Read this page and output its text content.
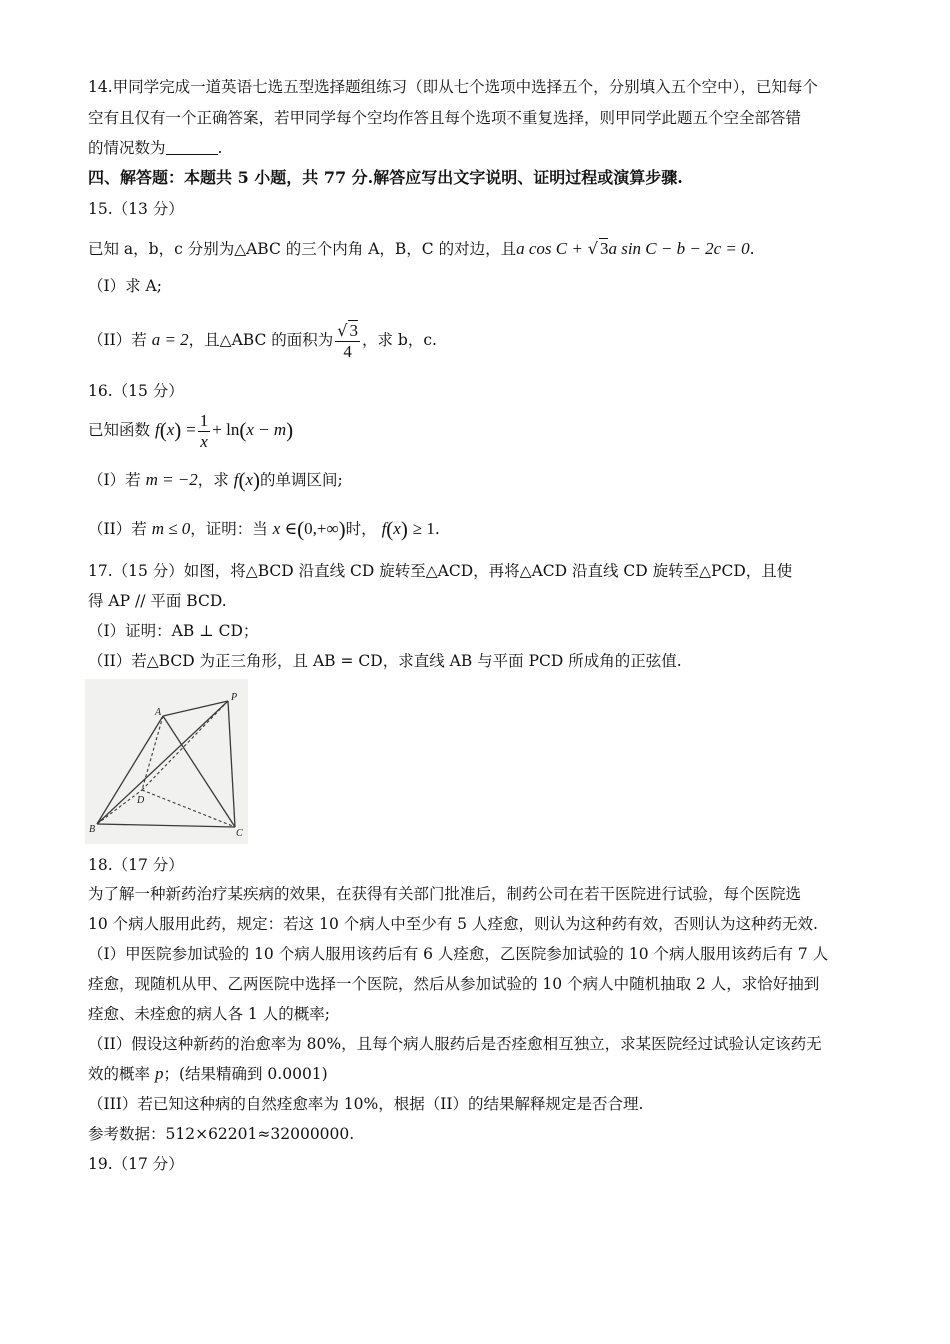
14.甲同学完成一道英语七选五型选择题组练习（即从七个选项中选择五个，分别填入五个空中），已知每个
空有且仅有一个正确答案，若甲同学每个空均作答且每个选项不重复选择，则甲同学此题五个空全部答错
的情况数为	.
四、解答题：本题共 5 小题，共 77 分.解答应写出文字说明、证明过程或演算步骤.
15.（13 分）
已知 a，b，c 分别为△ABC 的三个内角 A，B，C 的对边，且a cos C + √ 3a sin C − b − 2c = 0.
（I）求 A;
（II）若 a = 2，且△ABC 的面积为 $\frac{√ 3}{4}$ ，求 b，c.
16.（15 分）
已知函数 $f(x) = \frac{1}{x} + \ln(x - m)$
（I）若 m = −2，求 f(x)的单调区间;
（II）若 m ≤ 0，证明：当 x ∈(0,+∞)时， f(x) ≥ 1.
17.（15 分）如图，将△BCD 沿直线 CD 旋转至△ACD，再将△ACD 沿直线 CD 旋转至△PCD，且使
得 AP // 平面 BCD.
（I）证明：AB ⊥ CD；
（II）若△BCD 为正三角形，且 AB = CD，求直线 AB 与平面 PCD 所成角的正弦值.
A
P
D
B	C
18.（17 分）
为了解一种新药治疗某疾病的效果，在获得有关部门批准后，制药公司在若干医院进行试验，每个医院选
10 个病人服用此药，规定：若这 10 个病人中至少有 5 人痊愈，则认为这种药有效，否则认为这种药无效.
（I）甲医院参加试验的 10 个病人服用该药后有 6 人痊愈，乙医院参加试验的 10 个病人服用该药后有 7 人
痊愈，现随机从甲、乙两医院中选择一个医院，然后从参加试验的 10 个病人中随机抽取 2 人，求恰好抽到
痊愈、未痊愈的病人各 1 人的概率;
（II）假设这种新药的治愈率为 80%，且每个病人服药后是否痊愈相互独立，求某医院经过试验认定该药无
效的概率 p；(结果精确到 0.0001)
（III）若已知这种病的自然痊愈率为 10%，根据（II）的结果解释规定是否合理.
参考数据：512×62201≈32000000.
19.（17 分）
